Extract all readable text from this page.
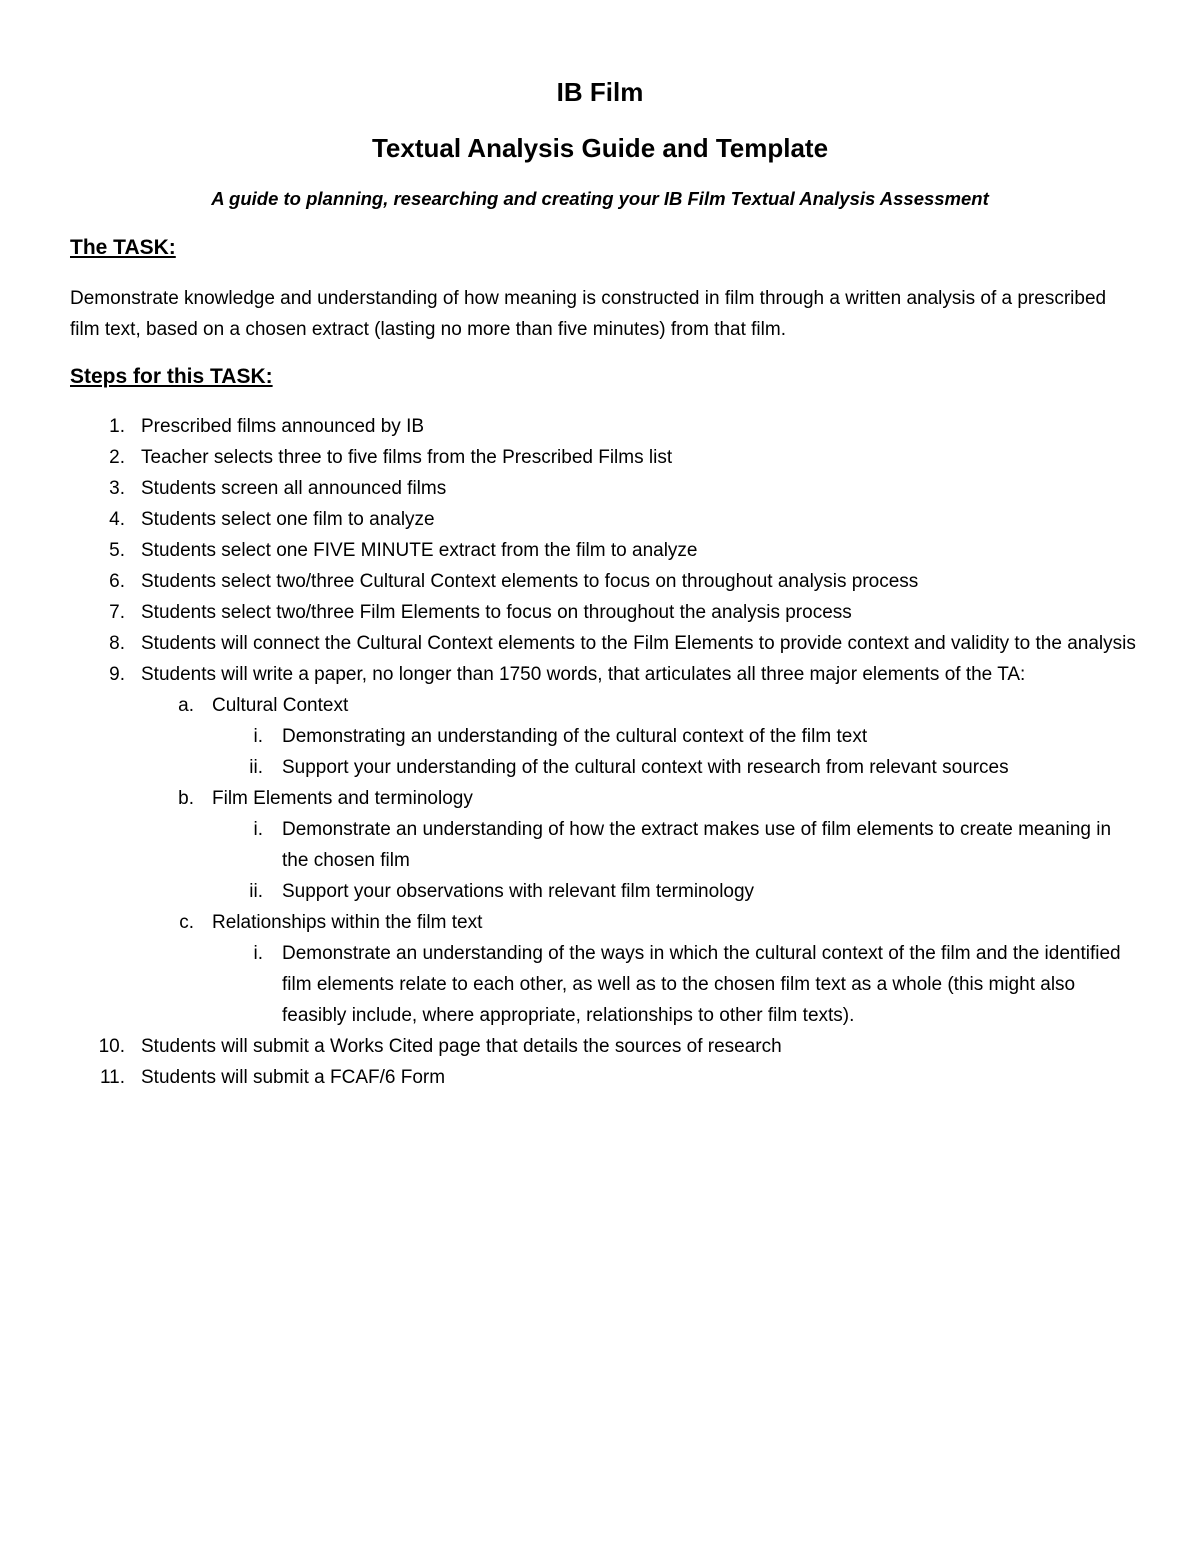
IB Film
Textual Analysis Guide and Template

A guide to planning, researching and creating your IB Film Textual Analysis Assessment

The TASK:

Demonstrate knowledge and understanding of how meaning is constructed in film through a written analysis of a prescribed film text, based on a chosen extract (lasting no more than five minutes) from that film.

Steps for this TASK:
1. Prescribed films announced by IB
2. Teacher selects three to five films from the Prescribed Films list
3. Students screen all announced films
4. Students select one film to analyze
5. Students select one FIVE MINUTE extract from the film to analyze
6. Students select two/three Cultural Context elements to focus on throughout analysis process
7. Students select two/three Film Elements to focus on throughout the analysis process
8. Students will connect the Cultural Context elements to the Film Elements to provide context and validity to the analysis
9. Students will write a paper, no longer than 1750 words, that articulates all three major elements of the TA:
a. Cultural Context
i. Demonstrating an understanding of the cultural context of the film text
ii. Support your understanding of the cultural context with research from relevant sources
b. Film Elements and terminology
i. Demonstrate an understanding of how the extract makes use of film elements to create meaning in the chosen film
ii. Support your observations with relevant film terminology
c. Relationships within the film text
i. Demonstrate an understanding of the ways in which the cultural context of the film and the identified film elements relate to each other, as well as to the chosen film text as a whole (this might also feasibly include, where appropriate, relationships to other film texts).
10. Students will submit a Works Cited page that details the sources of research
11. Students will submit a FCAF/6 Form
